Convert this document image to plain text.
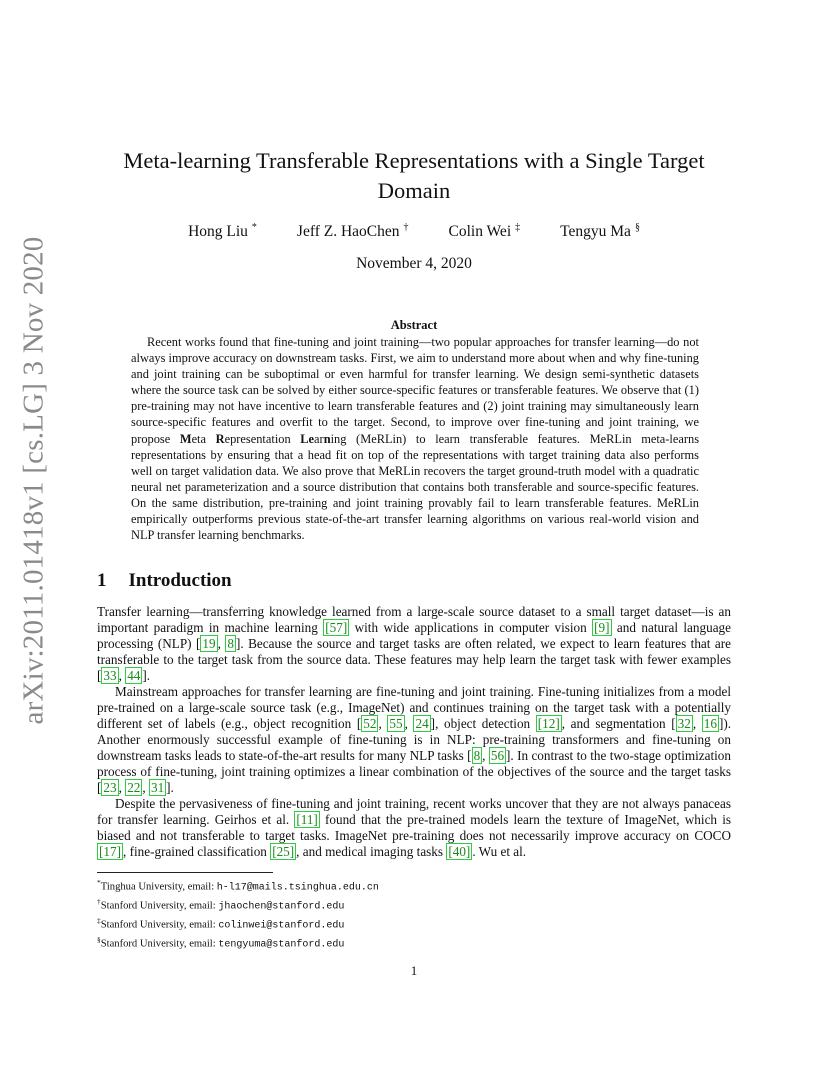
arXiv:2011.01418v1 [cs.LG] 3 Nov 2020
Meta-learning Transferable Representations with a Single Target Domain
Hong Liu *	Jeff Z. HaoChen †	Colin Wei ‡	Tengyu Ma §
November 4, 2020
Abstract

Recent works found that fine-tuning and joint training—two popular approaches for transfer learning—do not always improve accuracy on downstream tasks. First, we aim to understand more about when and why fine-tuning and joint training can be suboptimal or even harmful for transfer learning. We design semi-synthetic datasets where the source task can be solved by either source-specific features or transferable features. We observe that (1) pre-training may not have incentive to learn transferable features and (2) joint training may simultaneously learn source-specific features and overfit to the target. Second, to improve over fine-tuning and joint training, we propose Meta Representation Learning (MeRLin) to learn transferable features. MeRLin meta-learns representations by ensuring that a head fit on top of the representations with target training data also performs well on target validation data. We also prove that MeRLin recovers the target ground-truth model with a quadratic neural net parameterization and a source distribution that contains both transferable and source-specific features. On the same distribution, pre-training and joint training provably fail to learn transferable features. MeRLin empirically outperforms previous state-of-the-art transfer learning algorithms on various real-world vision and NLP transfer learning benchmarks.

1 Introduction

Transfer learning—transferring knowledge learned from a large-scale source dataset to a small target dataset—is an important paradigm in machine learning [57] with wide applications in computer vision [9] and natural language processing (NLP) [ 19 , 8 ]. Because the source and target tasks are often related, we expect to learn features that are transferable to the target task from the source data. These features may help learn the target task with fewer examples [ 33 , 44 ].

Mainstream approaches for transfer learning are fine-tuning and joint training. Fine-tuning initializes from a model pre-trained on a large-scale source task (e.g., ImageNet) and continues training on the target task with a potentially different set of labels (e.g., object recognition [ 52 , 55 , 24 ], object detection [12] , and segmentation [ 32 , 16 ]). Another enormously successful example of fine-tuning is in NLP: pre-training transformers and fine-tuning on downstream tasks leads to state-of-the-art results for many NLP tasks [ 8 , 56 ]. In contrast to the two-stage optimization process of fine-tuning, joint training optimizes a linear combination of the objectives of the source and the target tasks [ 23 , 22 , 31 ].

Despite the pervasiveness of fine-tuning and joint training, recent works uncover that they are not always panaceas for transfer learning. Geirhos et al. [11] found that the pre-trained models learn the texture of ImageNet, which is biased and not transferable to target tasks. ImageNet pre-training does not necessarily improve accuracy on COCO [17] , fine-grained classification [25] , and medical imaging tasks [40] . Wu et al.

*Tinghua University, email: h-l17@mails.tsinghua.edu.cn
†Stanford University, email: jhaochen@stanford.edu
‡Stanford University, email: colinwei@stanford.edu
§Stanford University, email: tengyuma@stanford.edu
1
